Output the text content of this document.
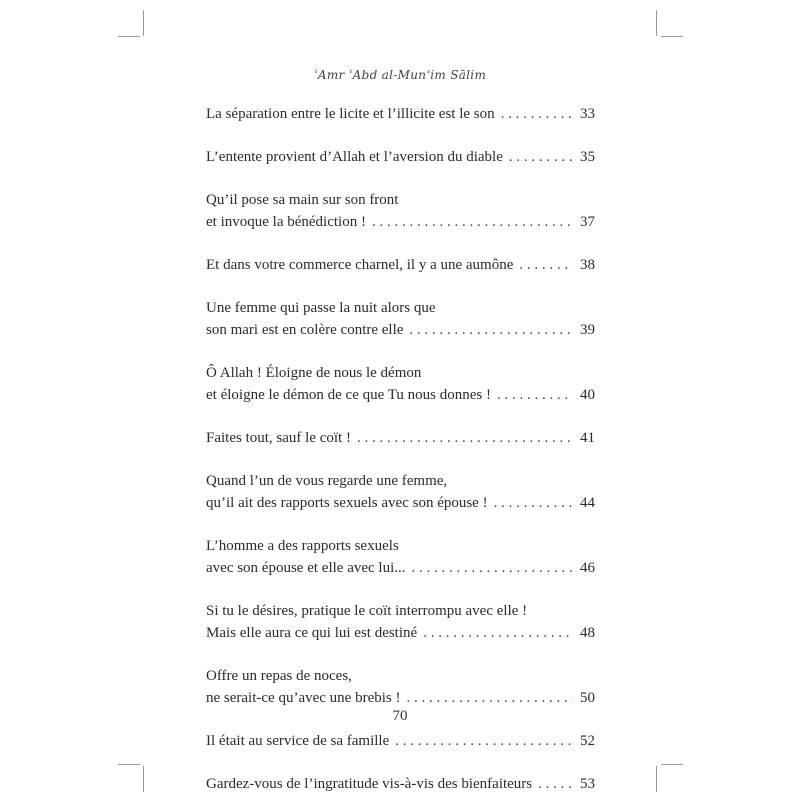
ʿAmr ʿAbd al-Munʿim Sālim
La séparation entre le licite et l’illicite est le son . . .	33
L’entente provient d’Allah et l’aversion du diable . . .	35
Qu’il pose sa main sur son front
et invoque la bénédiction ! . . .	37
Et dans votre commerce charnel, il y a une aumône . . .	38
Une femme qui passe la nuit alors que
son mari est en colère contre elle . . .	39
Ô Allah ! Éloigne de nous le démon
et éloigne le démon de ce que Tu nous donnes ! . . .	40
Faites tout, sauf le coït ! . . .	41
Quand l’un de vous regarde une femme,
qu’il ait des rapports sexuels avec son épouse ! . . .	44
L’homme a des rapports sexuels
avec son épouse et elle avec lui... . . .	46
Si tu le désires, pratique le coït interrompu avec elle !
Mais elle aura ce qui lui est destiné . . .	48
Offre un repas de noces,
ne serait-ce qu’avec une brebis ! . . .	50
Il était au service de sa famille . . .	52
Gardez-vous de l’ingratitude vis-à-vis des bienfaiteurs . . .	53
70
